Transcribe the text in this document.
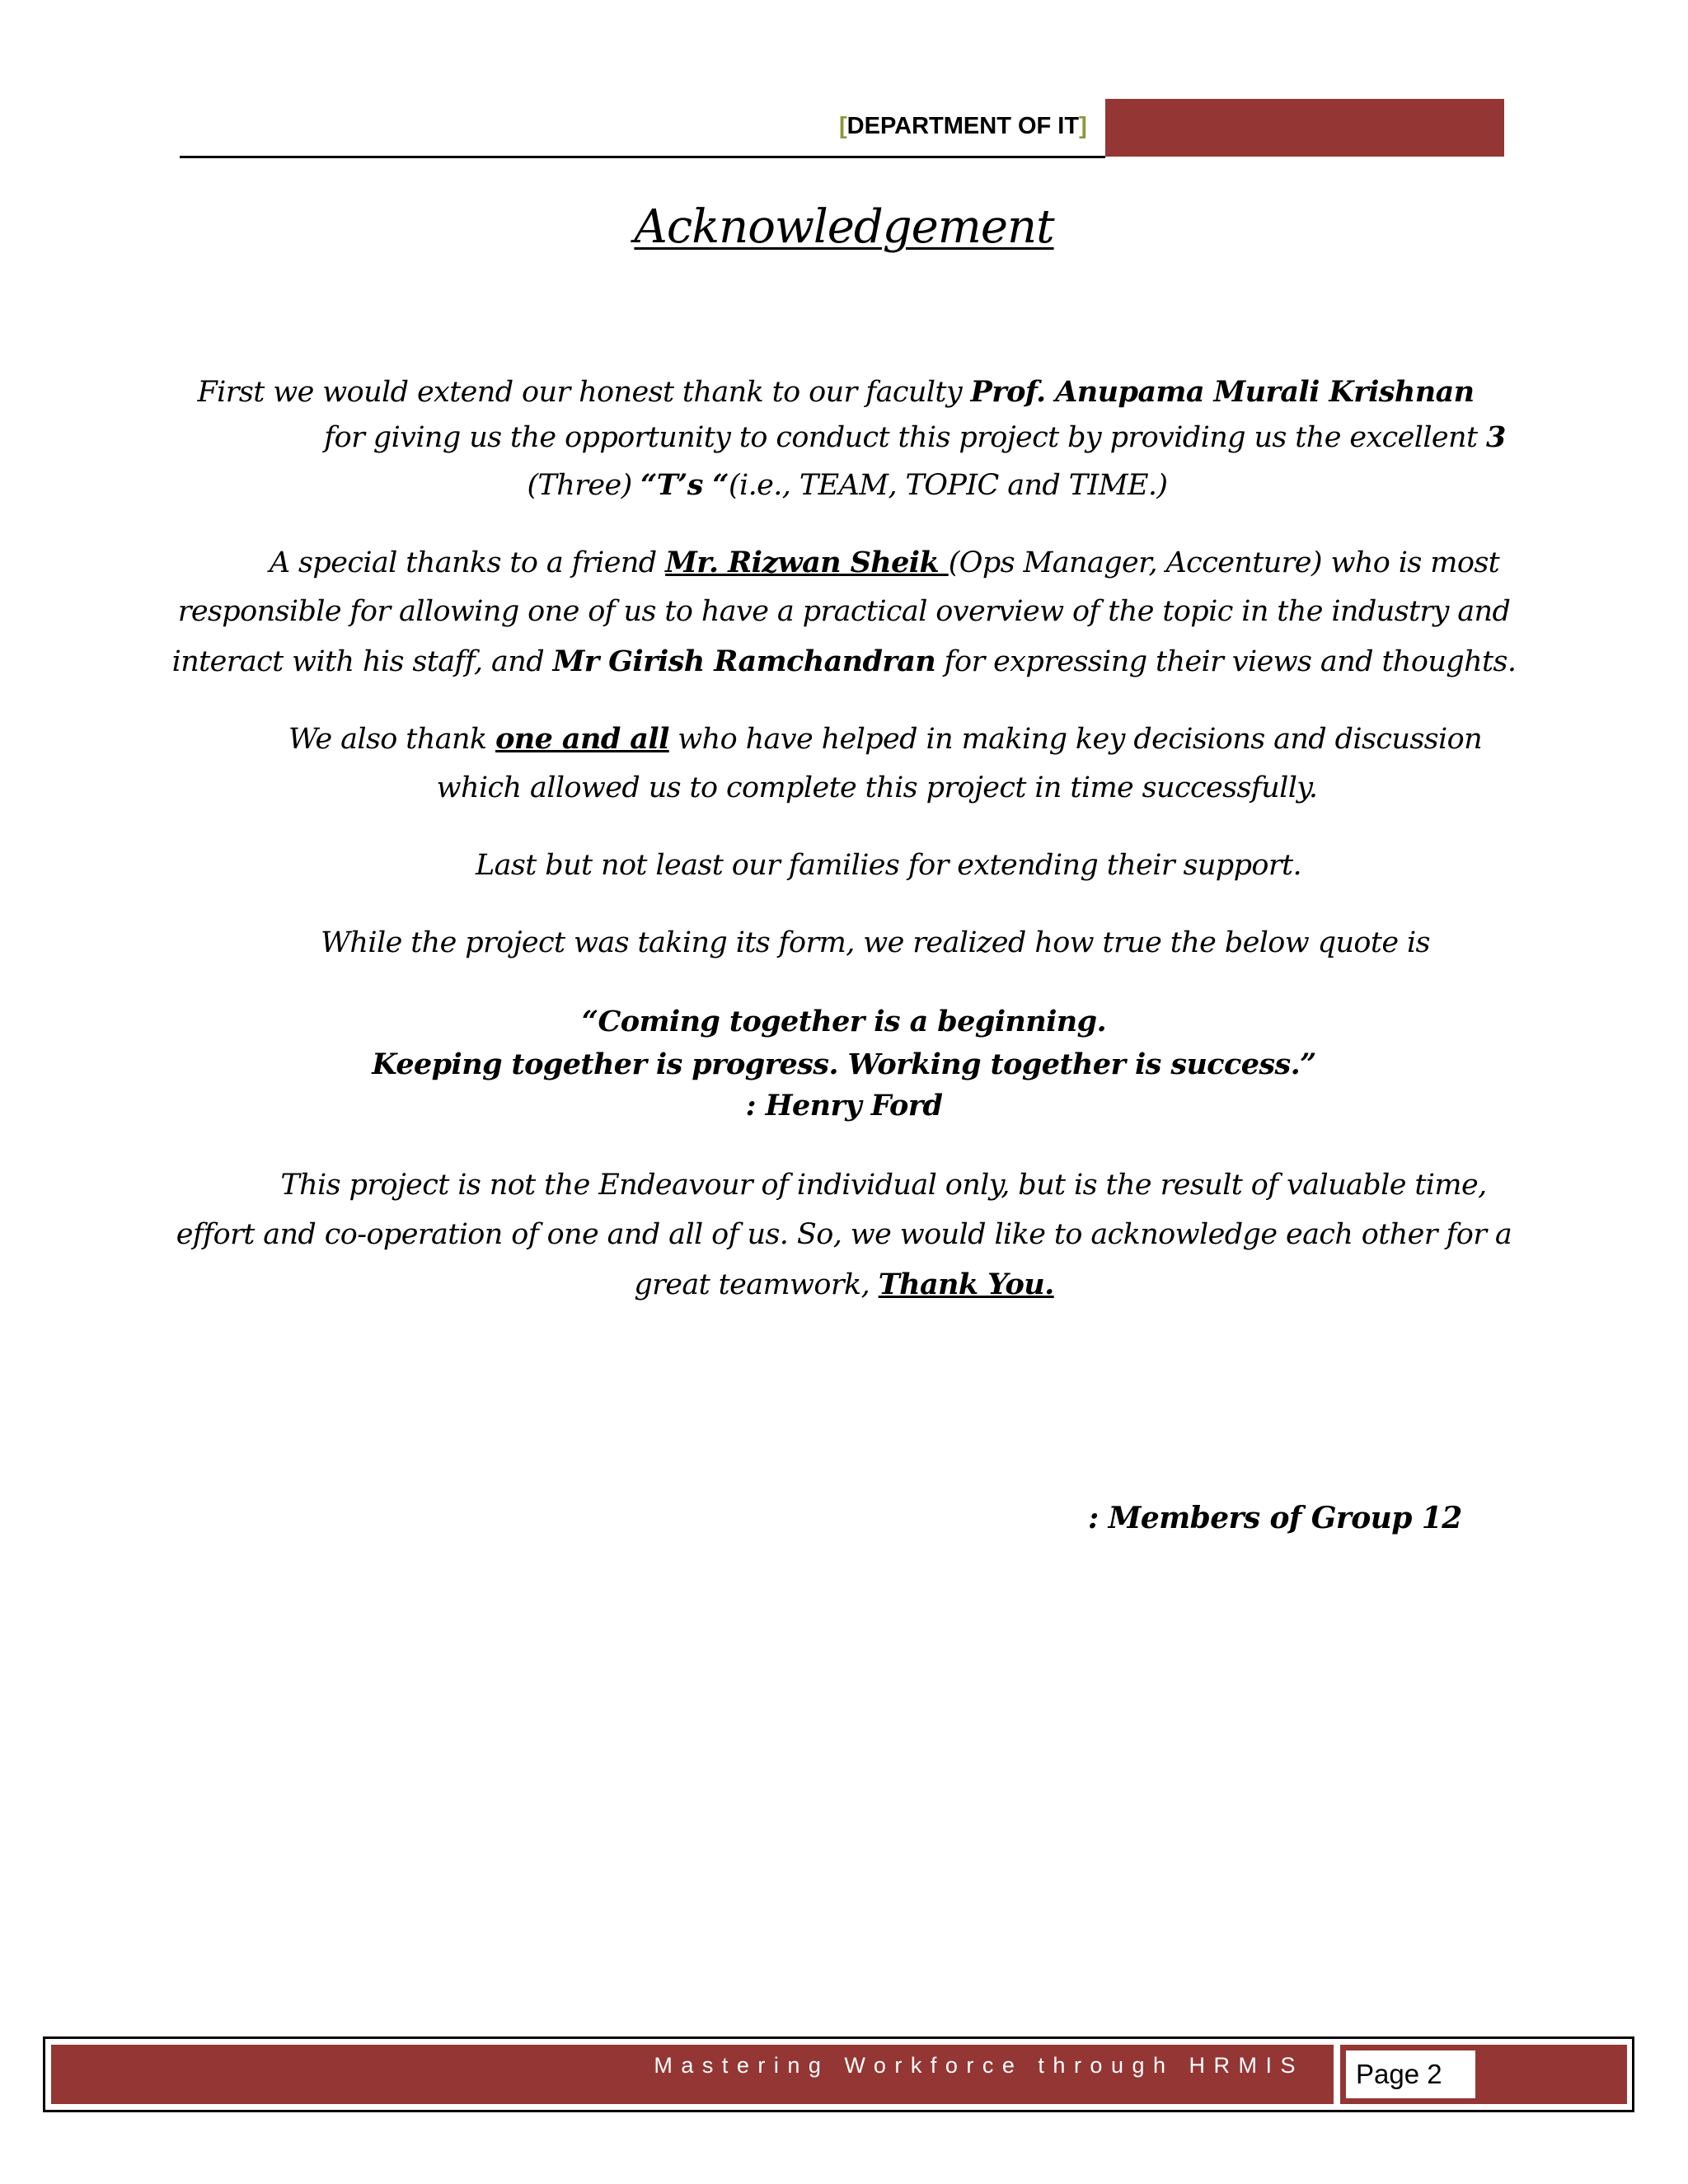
[DEPARTMENT OF IT]
Acknowledgement
First we would extend our honest thank to our faculty Prof. Anupama Murali Krishnan
for giving us the opportunity to conduct this project by providing us the excellent 3
(Three) “T’s “(i.e., TEAM, TOPIC and TIME.)
A special thanks to a friend Mr. Rizwan Sheik (Ops Manager, Accenture) who is most
responsible for allowing one of us to have a practical overview of the topic in the industry and
interact with his staff, and Mr Girish Ramchandran for expressing their views and thoughts.
We also thank one and all who have helped in making key decisions and discussion
which allowed us to complete this project in time successfully.
Last but not least our families for extending their support.
While the project was taking its form, we realized how true the below quote is
“Coming together is a beginning.
Keeping together is progress. Working together is success.”
: Henry Ford
This project is not the Endeavour of individual only, but is the result of valuable time,
effort and co-operation of one and all of us. So, we would like to acknowledge each other for a
great teamwork, Thank You.
: Members of Group 12
Mastering Workforce through HRMIS Page 2
